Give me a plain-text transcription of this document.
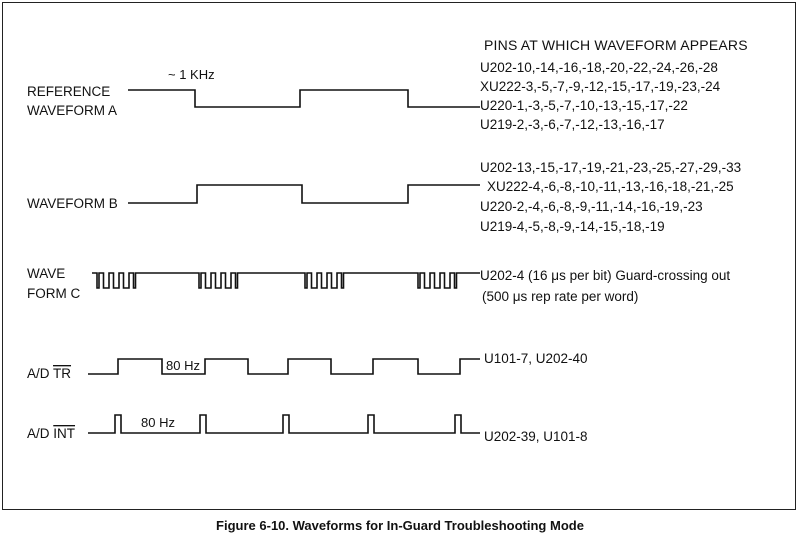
PINS AT WHICH WAVEFORM APPEARS
REFERENCE
WAVEFORM A
~ 1 KHz	U202-10,-14,-16,-18,-20,-22,-24,-26,-28
XU222-3,-5,-7,-9,-12,-15,-17,-19,-23,-24
U220-1,-3,-5,-7,-10,-13,-15,-17,-22
U219-2,-3,-6,-7,-12,-13,-16,-17
WAVEFORM B
U202-13,-15,-17,-19,-21,-23,-25,-27,-29,-33
XU222-4,-6,-8,-10,-11,-13,-16,-18,-21,-25
U220-2,-4,-6,-8,-9,-11,-14,-16,-19,-23
U219-4,-5,-8,-9,-14,-15,-18,-19
WAVE
FORM C
U202-4 (16 μs per bit) Guard-crossing out
(500 μs rep rate per word)
A/D TR
80 Hz	U101-7, U202-40
A/D INT
80 Hz
U202-39, U101-8
Figure 6-10. Waveforms for In-Guard Troubleshooting Mode
